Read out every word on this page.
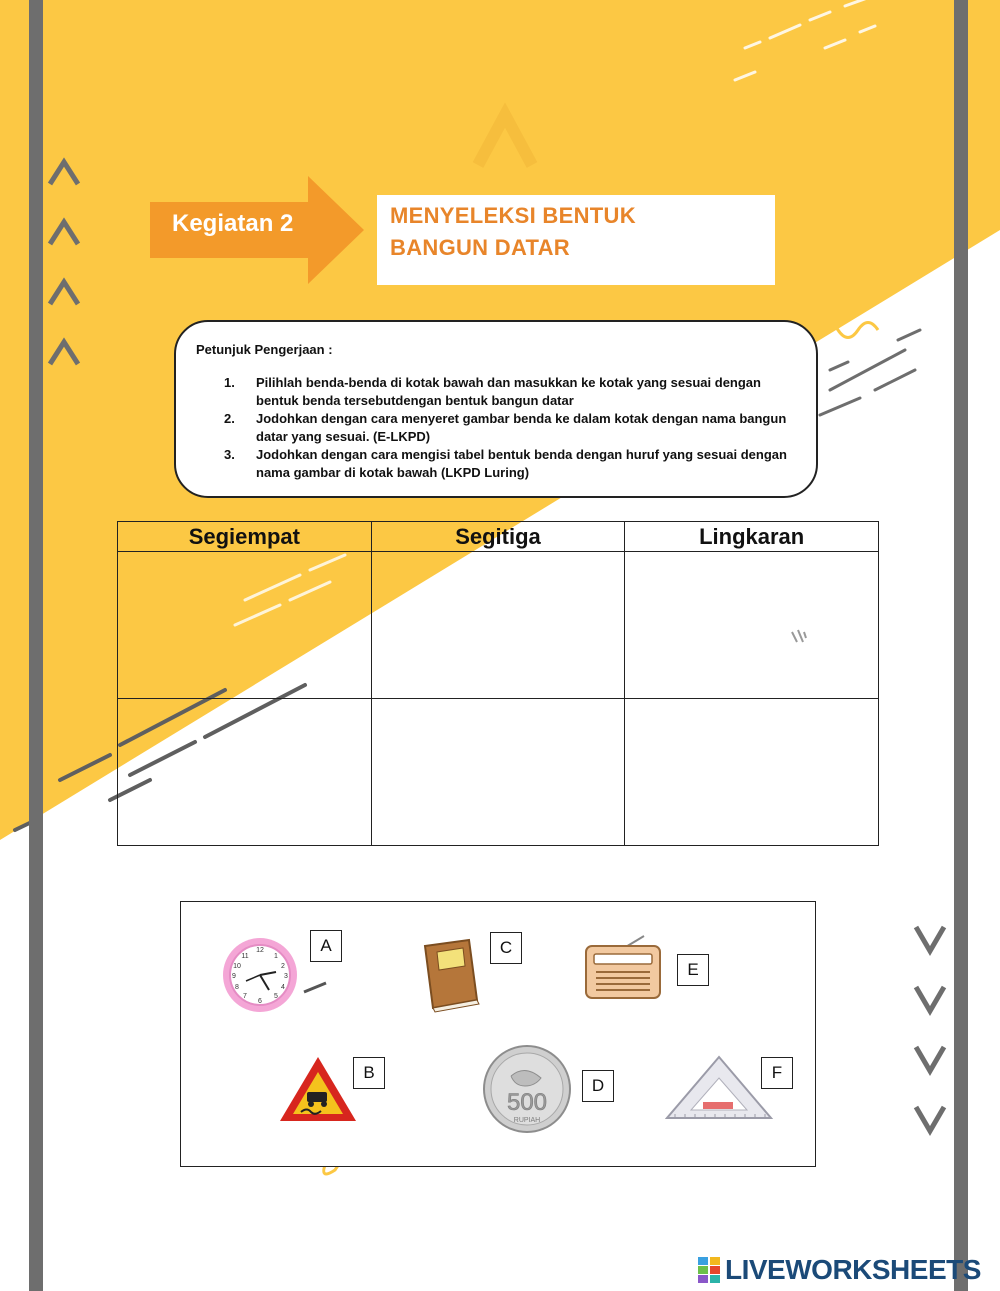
Kegiatan 2	MENYELEKSI BENTUK
BANGUN DATAR
Petunjuk Pengerjaan :
1. Pilihlah benda-benda di kotak bawah dan masukkan ke kotak yang sesuai dengan bentuk benda tersebutdengan bentuk bangun datar
2. Jodohkan dengan cara menyeret gambar benda ke dalam kotak dengan nama bangun datar yang sesuai. (E-LKPD)
3. Jodohkan dengan cara mengisi tabel bentuk benda dengan huruf yang sesuai dengan nama gambar di kotak bawah (LKPD Luring)
Segiempat	Segitiga	Lingkaran

12
1
2
3
4
5
6
7
8
9
10
11
A	C
E
B
500
RUPIAH
D
F
LIVEWORKSHEETS
